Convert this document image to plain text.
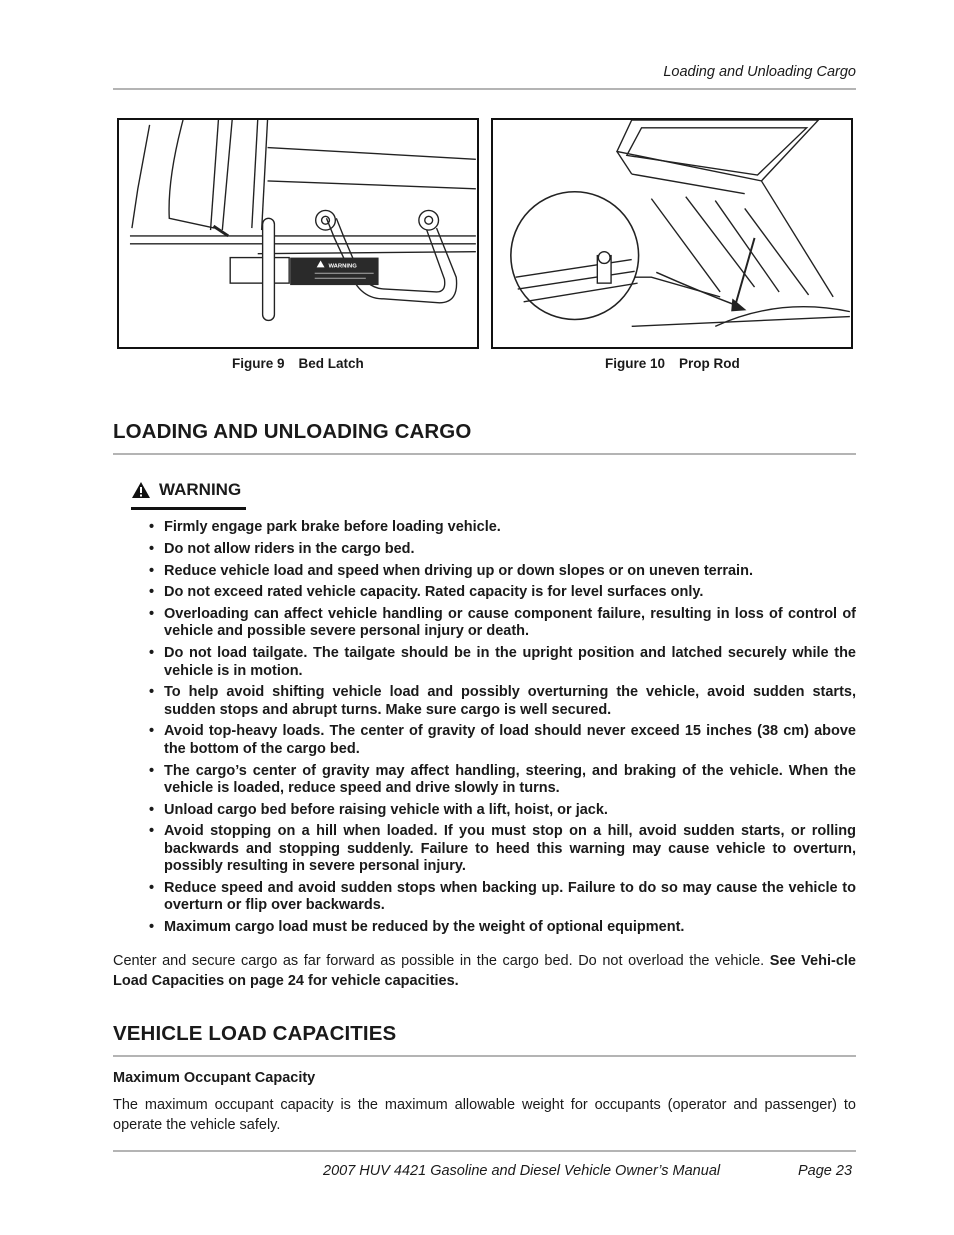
Loading and Unloading Cargo
WARNING
Figure 9 Bed Latch	Figure 10 Prop Rod
LOADING AND UNLOADING CARGO
WARNING
• Firmly engage park brake before loading vehicle.
• Do not allow riders in the cargo bed.
• Reduce vehicle load and speed when driving up or down slopes or on uneven terrain.
• Do not exceed rated vehicle capacity. Rated capacity is for level surfaces only.
• Overloading can affect vehicle handling or cause component failure, resulting in loss of control of vehicle and possible severe personal injury or death.
• Do not load tailgate. The tailgate should be in the upright position and latched securely while the vehicle is in motion.
• To help avoid shifting vehicle load and possibly overturning the vehicle, avoid sudden starts, sudden stops and abrupt turns. Make sure cargo is well secured.
• Avoid top-heavy loads. The center of gravity of load should never exceed 15 inches (38 cm) above the bottom of the cargo bed.
• The cargo’s center of gravity may affect handling, steering, and braking of the vehicle. When the vehicle is loaded, reduce speed and drive slowly in turns.
• Unload cargo bed before raising vehicle with a lift, hoist, or jack.
• Avoid stopping on a hill when loaded. If you must stop on a hill, avoid sudden starts, or rolling backwards and stopping suddenly. Failure to heed this warning may cause vehicle to overturn, possibly resulting in severe personal injury.
• Reduce speed and avoid sudden stops when backing up. Failure to do so may cause the vehicle to overturn or flip over backwards.
• Maximum cargo load must be reduced by the weight of optional equipment.
Center and secure cargo as far forward as possible in the cargo bed. Do not overload the vehicle. See Vehi-cle Load Capacities on page 24 for vehicle capacities.
VEHICLE LOAD CAPACITIES
Maximum Occupant Capacity
The maximum occupant capacity is the maximum allowable weight for occupants (operator and passenger) to operate the vehicle safely.
2007 HUV 4421 Gasoline and Diesel Vehicle Owner’s Manual	Page 23
